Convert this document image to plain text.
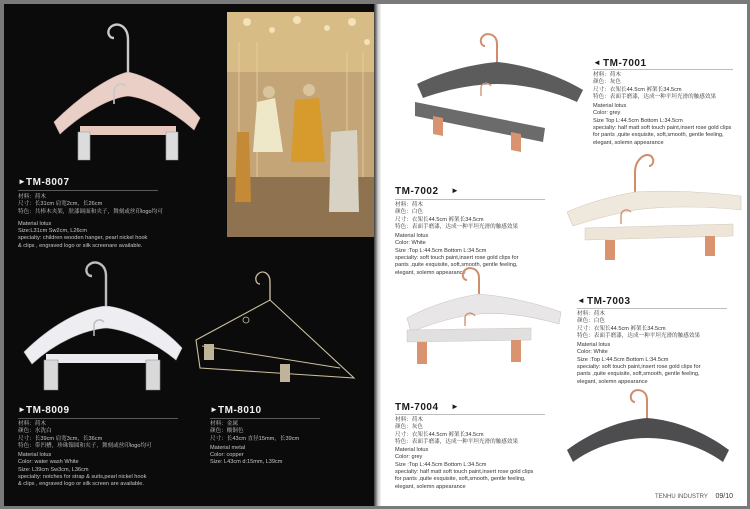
TM-8007
►
材料：荷木
尺寸：长31cm 肩宽2cm，长26cm
特色：共棒木夹架，肤漆调面和夹子，舞刻或丝印logo均可
Material lotus
Size:L31cm Sw2cm, L26cm
specialty: children wooden hanger, pearl nickel hook
& clips , engraved logo or silk screenare available.
► TM-8009
材料：荷木
颜色：水洗白
尺寸：长39cm 肩宽3cm，长36cm
特色：带凹槽，珍珠镍圆和夹子，舞刻或丝印logo均可
Material lotus
Color: water wash White
Size: L39cm Sw3cm, L36cm
specialty: notches for strap & suits,pearl nickel hook
& clips , engraved logo or silk screen are available.
► TM-8010
材料：金属
颜色：酸铜色
尺寸：长43cm 直径15mm，长39cm
Material metal
Color: copper
Size: L43cm d:15mm, L39cm
◄ TM-7001
材料：荷木
颜色：灰色
尺寸：衣架长44.5cm 裤架长34.5cm
特色：表面手磨漆，达成一种平坦光滑的触感效果
Material lotus
Color: grey
Size Top L:44.5cm Bottom L:34.5cm
specialty: half matt soft touch paint,insert rose gold clips
for pants ,quite exquisite, soft,smooth, gentle feeling,
elegant, solemn appearance
TM-7002 ►
材料：荷木
颜色：白色
尺寸：衣架长44.5cm 裤架长34.5cm
特色：表面手磨漆，达成一种平坦光滑的触感效果
Material lotus
Color: White
Size :Top L:44.5cm Bottom L:34.5cm
specialty: soft touch paint,insert rose gold clips for
pants ,quite exquisite, soft,smooth, gentle feeling,
elegant, solemn appearance
◄ TM-7003
材料：荷木
颜色：白色
尺寸：衣架长44.5cm 裤架长34.5cm
特色：表面手磨漆，达成一种平坦光滑的触感效果
Material lotus
Color: White
Size :Top L:44.5cm Bottom L:34.5cm
specialty: soft touch paint,insert rose gold clips for
pants ,quite exquisite, soft,smooth, gentle feeling,
elegant, solemn appearance
TM-7004 ►
材料：荷木
颜色：灰色
尺寸：衣架长44.5cm 裤架长34.5cm
特色：表面手磨漆，达成一种平坦光滑的触感效果
Material lotus
Color: grey
Size :Top L:44.5cm Bottom L:34.5cm
specialty: half matt soft touch paint,insert rose gold clips
for pants ,quite exquisite, soft,smooth, gentle feeling,
elegant, solemn appearance
TENHU INDUSTRY 09/10
